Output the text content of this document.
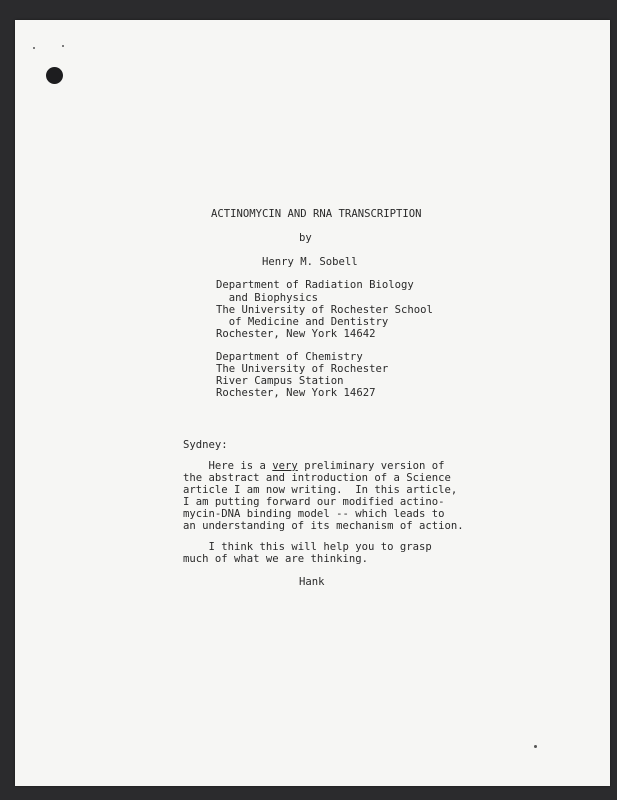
ACTINOMYCIN AND RNA TRANSCRIPTION

by

Henry M. Sobell

Department of Radiation Biology

and Biophysics

The University of Rochester School

of Medicine and Dentistry

Rochester, New York 14642

Department of Chemistry

The University of Rochester

River Campus Station

Rochester, New York 14627

Sydney:

Here is a very preliminary version of

the abstract and introduction of a Science

article I am now writing.  In this article,

I am putting forward our modified actino-

mycin-DNA binding model -- which leads to

an understanding of its mechanism of action.

I think this will help you to grasp

much of what we are thinking.

Hank
